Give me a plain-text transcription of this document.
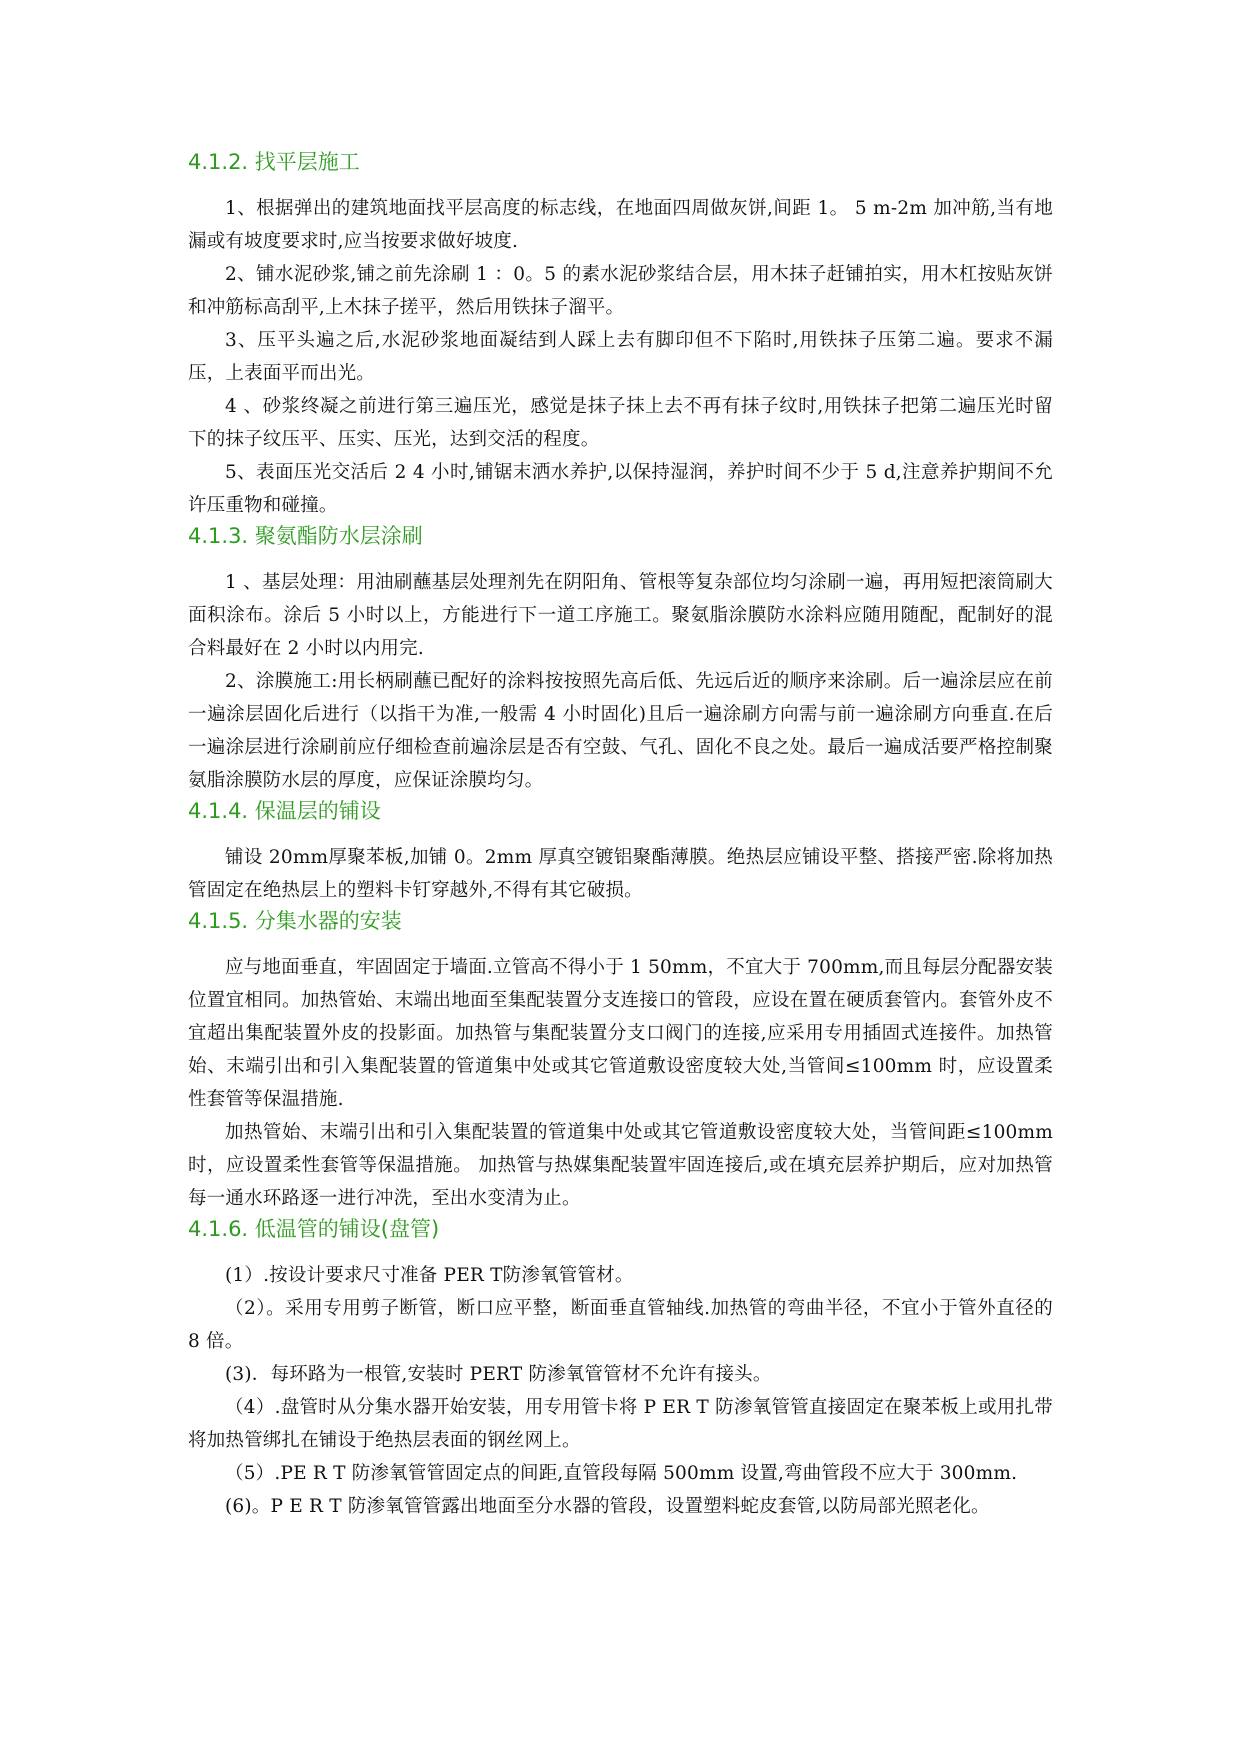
4.1.2. 找平层施工

1、根据弹出的建筑地面找平层高度的标志线，在地面四周做灰饼,间距 1。 5 m-2m 加冲筋,当有地漏或有坡度要求时,应当按要求做好坡度.

2、铺水泥砂浆,铺之前先涂刷 1 ：0。5 的素水泥砂浆结合层，用木抹子赶铺拍实，用木杠按贴灰饼和冲筋标高刮平,上木抹子搓平，然后用铁抹子溜平。

3、压平头遍之后,水泥砂浆地面凝结到人踩上去有脚印但不下陷时,用铁抹子压第二遍。要求不漏压，上表面平而出光。

4 、砂浆终凝之前进行第三遍压光，感觉是抹子抹上去不再有抹子纹时,用铁抹子把第二遍压光时留下的抹子纹压平、压实、压光，达到交活的程度。

5、表面压光交活后 2 4 小时,铺锯末洒水养护,以保持湿润，养护时间不少于 5 d,注意养护期间不允许压重物和碰撞。

4.1.3. 聚氨酯防水层涂刷

1 、基层处理：用油刷蘸基层处理剂先在阴阳角、管根等复杂部位均匀涂刷一遍，再用短把滚筒刷大面积涂布。涂后 5 小时以上，方能进行下一道工序施工。聚氨脂涂膜防水涂料应随用随配，配制好的混合料最好在 2 小时以内用完.

2、涂膜施工:用长柄刷蘸已配好的涂料按按照先高后低、先远后近的顺序来涂刷。后一遍涂层应在前一遍涂层固化后进行（以指干为准,一般需 4 小时固化)且后一遍涂刷方向需与前一遍涂刷方向垂直.在后一遍涂层进行涂刷前应仔细检查前遍涂层是否有空鼓、气孔、固化不良之处。最后一遍成活要严格控制聚氨脂涂膜防水层的厚度，应保证涂膜均匀。

4.1.4. 保温层的铺设

铺设 20mm厚聚苯板,加铺 0。2mm 厚真空镀铝聚酯薄膜。绝热层应铺设平整、搭接严密.除将加热管固定在绝热层上的塑料卡钉穿越外,不得有其它破损。

4.1.5. 分集水器的安装

应与地面垂直，牢固固定于墙面.立管高不得小于 1 50mm，不宜大于 700mm,而且每层分配器安装位置宜相同。加热管始、末端出地面至集配装置分支连接口的管段，应设在置在硬质套管内。套管外皮不宜超出集配装置外皮的投影面。加热管与集配装置分支口阀门的连接,应采用专用插固式连接件。加热管始、末端引出和引入集配装置的管道集中处或其它管道敷设密度较大处,当管间≤100mm 时，应设置柔性套管等保温措施.

加热管始、末端引出和引入集配装置的管道集中处或其它管道敷设密度较大处，当管间距≤100mm 时，应设置柔性套管等保温措施。 加热管与热媒集配装置牢固连接后,或在填充层养护期后，应对加热管每一通水环路逐一进行冲洗，至出水变清为止。

4.1.6. 低温管的铺设(盘管)

(1）.按设计要求尺寸准备 PER T防渗氧管管材。

（2）。采用专用剪子断管，断口应平整，断面垂直管轴线.加热管的弯曲半径，不宜小于管外直径的 8 倍。

(3)．每环路为一根管,安装时 PERT 防渗氧管管材不允许有接头。

（4）.盘管时从分集水器开始安装，用专用管卡将 P ER T 防渗氧管管直接固定在聚苯板上或用扎带将加热管绑扎在铺设于绝热层表面的钢丝网上。

（5）.PE R T 防渗氧管管固定点的间距,直管段每隔 500mm 设置,弯曲管段不应大于 300mm.

(6)。P E R T 防渗氧管管露出地面至分水器的管段，设置塑料蛇皮套管,以防局部光照老化。
